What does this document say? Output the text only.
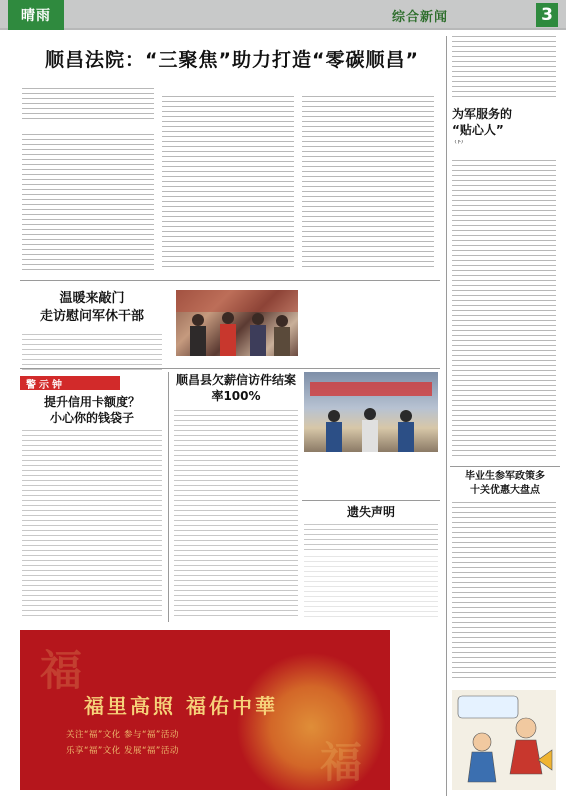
晴雨	综合新闻	3
顺昌法院：“三聚焦”助力打造“零碳顺昌”
温暖来敲门
走访慰问军休干部
警示钟
提升信用卡额度？
小心你的钱袋子
顺昌县欠薪信访件结案率100%
遗失声明
为军服务的
“贴心人”
（下）
毕业生参军政策多
十关优惠大盘点
福
福
福里高照 福佑中華
关注“福”文化 参与“福”活动
乐享“福”文化 发展“福”活动
